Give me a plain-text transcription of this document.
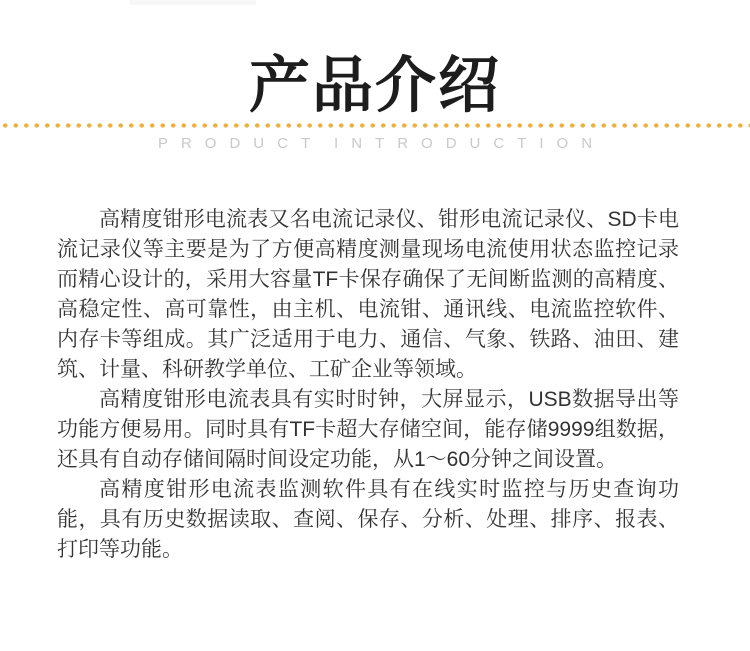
产品介绍
PRODUCT INTRODUCTION

高精度钳形电流表又名电流记录仪、钳形电流记录仪、SD卡电流记录仪等主要是为了方便高精度测量现场电流使用状态监控记录而精心设计的，采用大容量TF卡保存确保了无间断监测的高精度、高稳定性、高可靠性，由主机、电流钳、通讯线、电流监控软件、内存卡等组成。其广泛适用于电力、通信、气象、铁路、油田、建筑、计量、科研教学单位、工矿企业等领域。

高精度钳形电流表具有实时时钟，大屏显示，USB数据导出等功能方便易用。同时具有TF卡超大存储空间，能存储9999组数据，还具有自动存储间隔时间设定功能，从1～60分钟之间设置。

高精度钳形电流表监测软件具有在线实时监控与历史查询功能，具有历史数据读取、查阅、保存、分析、处理、排序、报表、打印等功能。
